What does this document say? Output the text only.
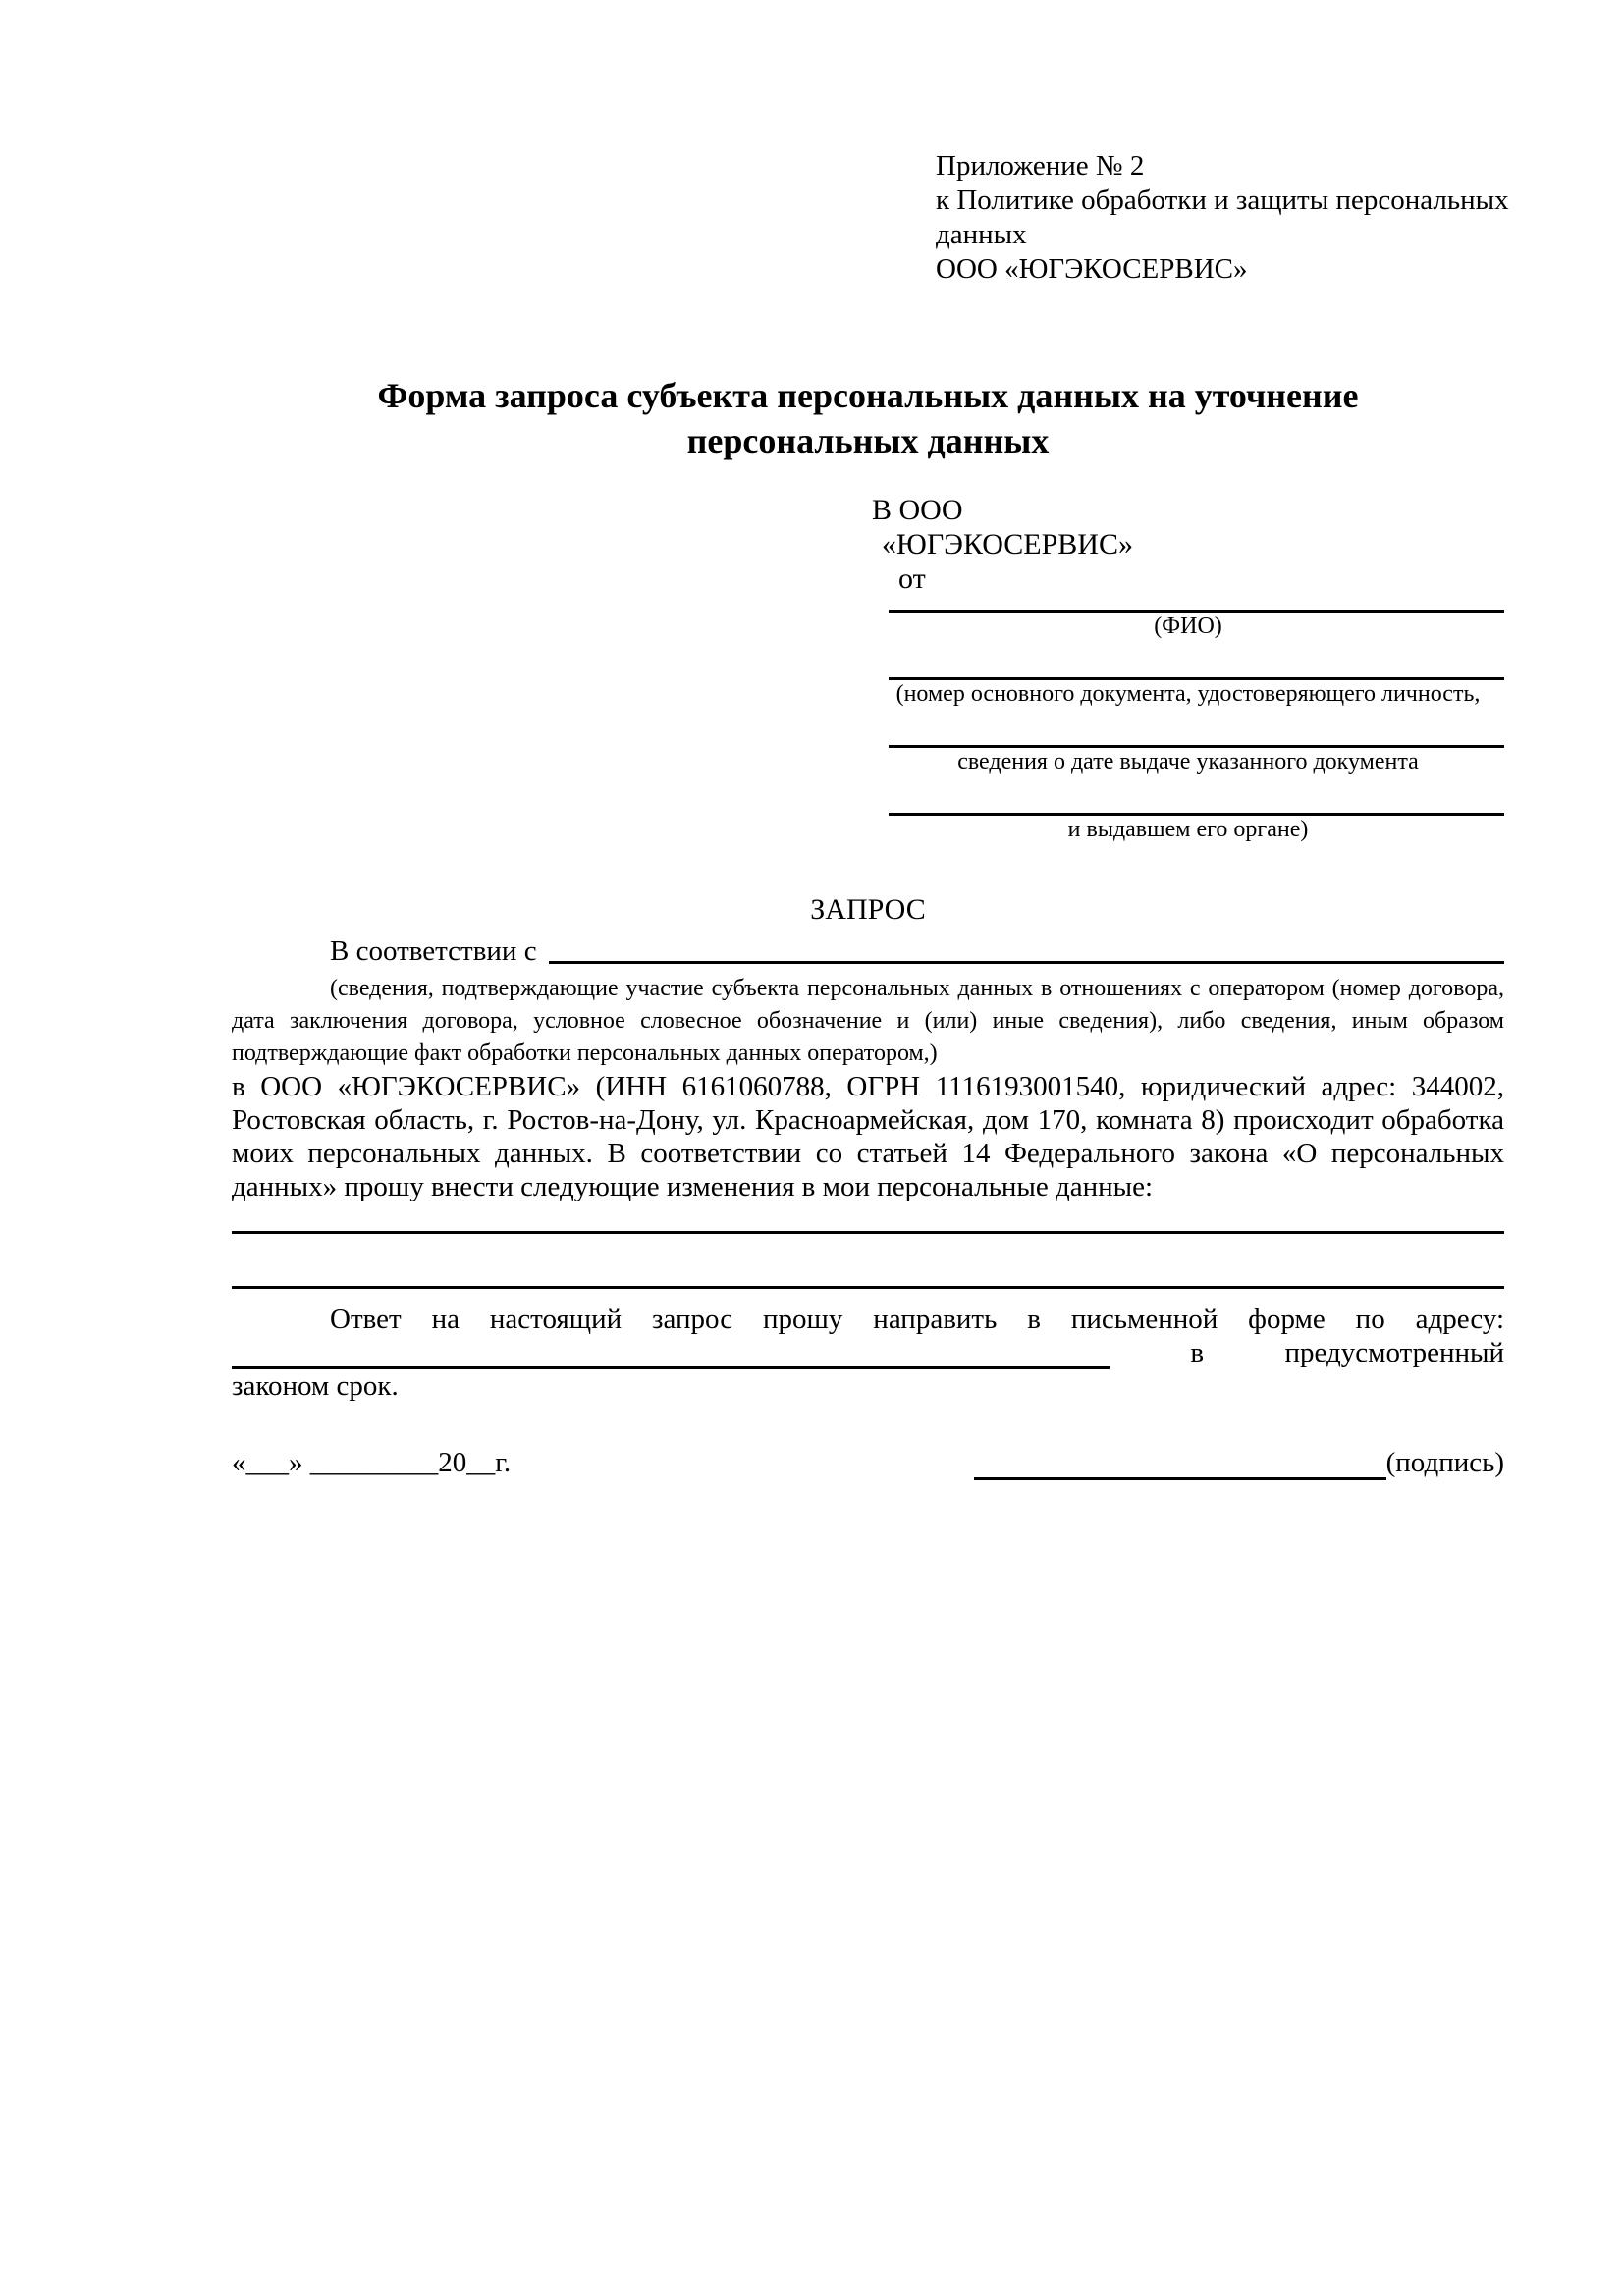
Приложение № 2
к Политике обработки и защиты персональных данных
ООО «ЮГЭКОСЕРВИС»
Форма запроса субъекта персональных данных на уточнение персональных данных
В ООО
«ЮГЭКОСЕРВИС»
от
(ФИО)
(номер основного документа, удостоверяющего личность,
сведения о дате выдаче указанного документа
и выдавшем его органе)
ЗАПРОС
В соответствии с
(сведения, подтверждающие участие субъекта персональных данных в отношениях с оператором (номер договора, дата заключения договора, условное словесное обозначение и (или) иные сведения), либо сведения, иным образом подтверждающие факт обработки персональных данных оператором,)
в ООО «ЮГЭКОСЕРВИС» (ИНН 6161060788, ОГРН 1116193001540, юридический адрес: 344002, Ростовская область, г. Ростов-на-Дону, ул. Красноармейская, дом 170, комната 8) происходит обработка моих персональных данных. В соответствии со статьей 14 Федерального закона «О персональных данных» прошу внести следующие изменения в мои персональные данные:
Ответ на настоящий запрос прошу направить в письменной форме по адресу:
в	предусмотренный
законом срок.
«___» _________20__г.	(подпись)
